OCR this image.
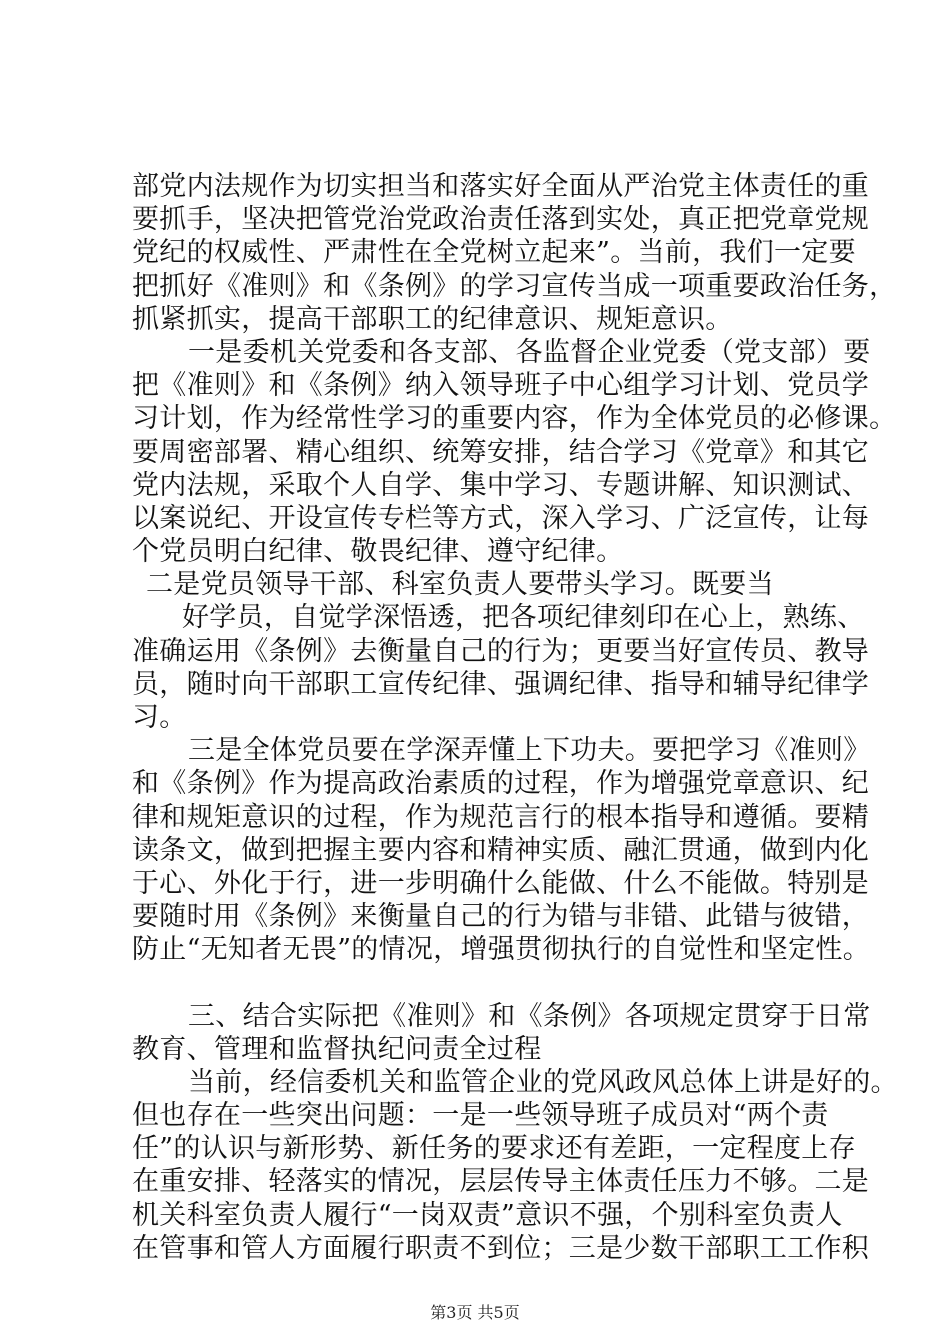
部党内法规作为切实担当和落实好全面从严治党主体责任的重
要抓手，坚决把管党治党政治责任落到实处，真正把党章党规
党纪的权威性、严肃性在全党树立起来”。当前，我们一定要
把抓好《准则》和《条例》的学习宣传当成一项重要政治任务，
抓紧抓实，提高干部职工的纪律意识、规矩意识。
一是委机关党委和各支部、各监督企业党委（党支部）要
把《准则》和《条例》纳入领导班子中心组学习计划、党员学
习计划，作为经常性学习的重要内容，作为全体党员的必修课。
要周密部署、精心组织、统筹安排，结合学习《党章》和其它
党内法规，采取个人自学、集中学习、专题讲解、知识测试、
以案说纪、开设宣传专栏等方式，深入学习、广泛宣传，让每
个党员明白纪律、敬畏纪律、遵守纪律。
二是党员领导干部、科室负责人要带头学习。既要当
好学员，自觉学深悟透，把各项纪律刻印在心上，熟练、
准确运用《条例》去衡量自己的行为；更要当好宣传员、教导
员，随时向干部职工宣传纪律、强调纪律、指导和辅导纪律学
习。
三是全体党员要在学深弄懂上下功夫。要把学习《准则》
和《条例》作为提高政治素质的过程，作为增强党章意识、纪
律和规矩意识的过程，作为规范言行的根本指导和遵循。要精
读条文，做到把握主要内容和精神实质、融汇贯通，做到内化
于心、外化于行，进一步明确什么能做、什么不能做。特别是
要随时用《条例》来衡量自己的行为错与非错、此错与彼错，
防止“无知者无畏”的情况，增强贯彻执行的自觉性和坚定性。
三、结合实际把《准则》和《条例》各项规定贯穿于日常
教育、管理和监督执纪问责全过程
当前，经信委机关和监管企业的党风政风总体上讲是好的。
但也存在一些突出问题：一是一些领导班子成员对“两个责
任”的认识与新形势、新任务的要求还有差距，一定程度上存
在重安排、轻落实的情况，层层传导主体责任压力不够。二是
机关科室负责人履行“一岗双责”意识不强，个别科室负责人
在管事和管人方面履行职责不到位；三是少数干部职工工作积
第3页 共5页
